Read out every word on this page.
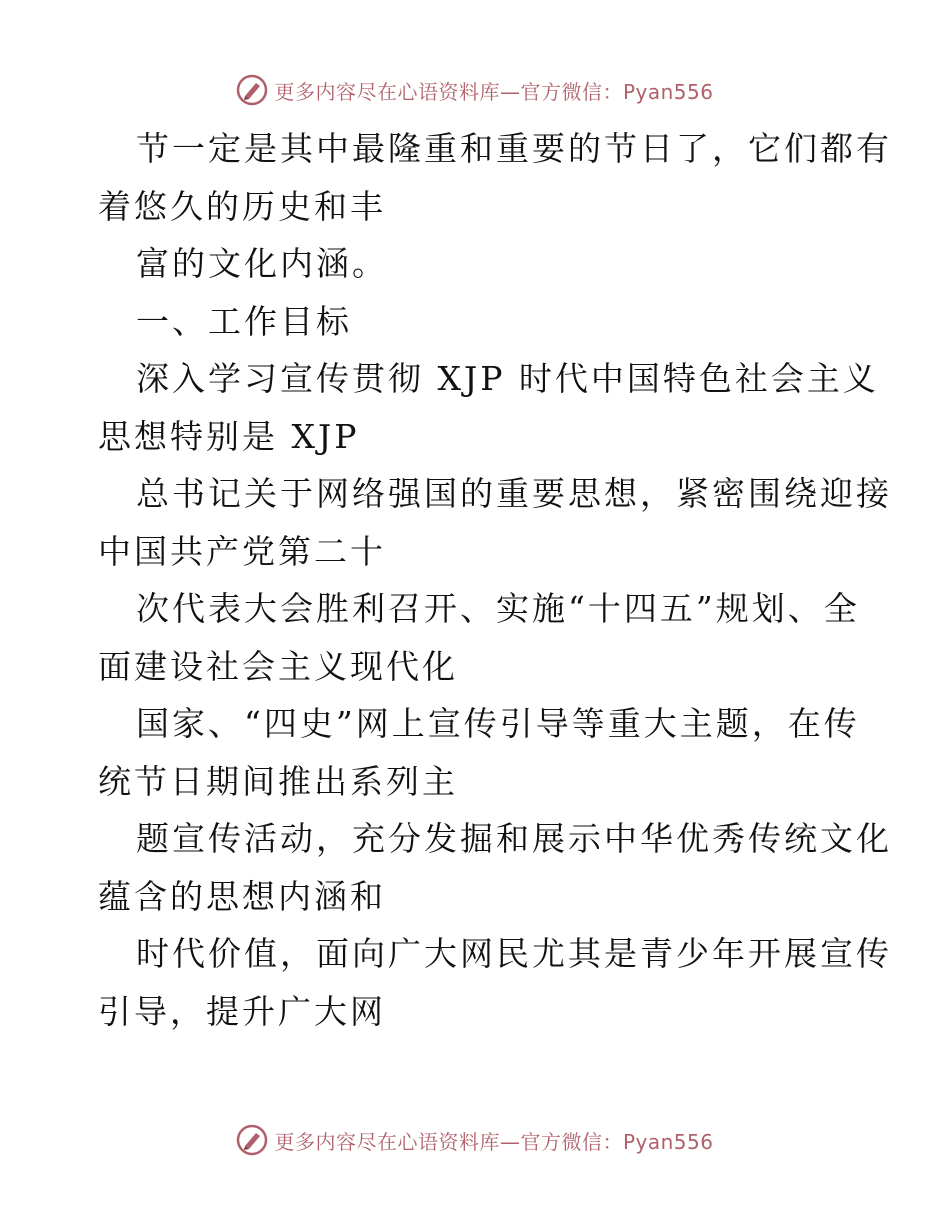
更多内容尽在心语资料库—官方微信：Pyan556
节一定是其中最隆重和重要的节日了，它们都有
着悠久的历史和丰
富的文化内涵。
一、工作目标
深入学习宣传贯彻 XJP 时代中国特色社会主义
思想特别是 XJP
总书记关于网络强国的重要思想，紧密围绕迎接
中国共产党第二十
次代表大会胜利召开、实施“十四五”规划、全
面建设社会主义现代化
国家、“四史”网上宣传引导等重大主题，在传
统节日期间推出系列主
题宣传活动，充分发掘和展示中华优秀传统文化
蕴含的思想内涵和
时代价值，面向广大网民尤其是青少年开展宣传
引导，提升广大网
更多内容尽在心语资料库—官方微信：Pyan556
